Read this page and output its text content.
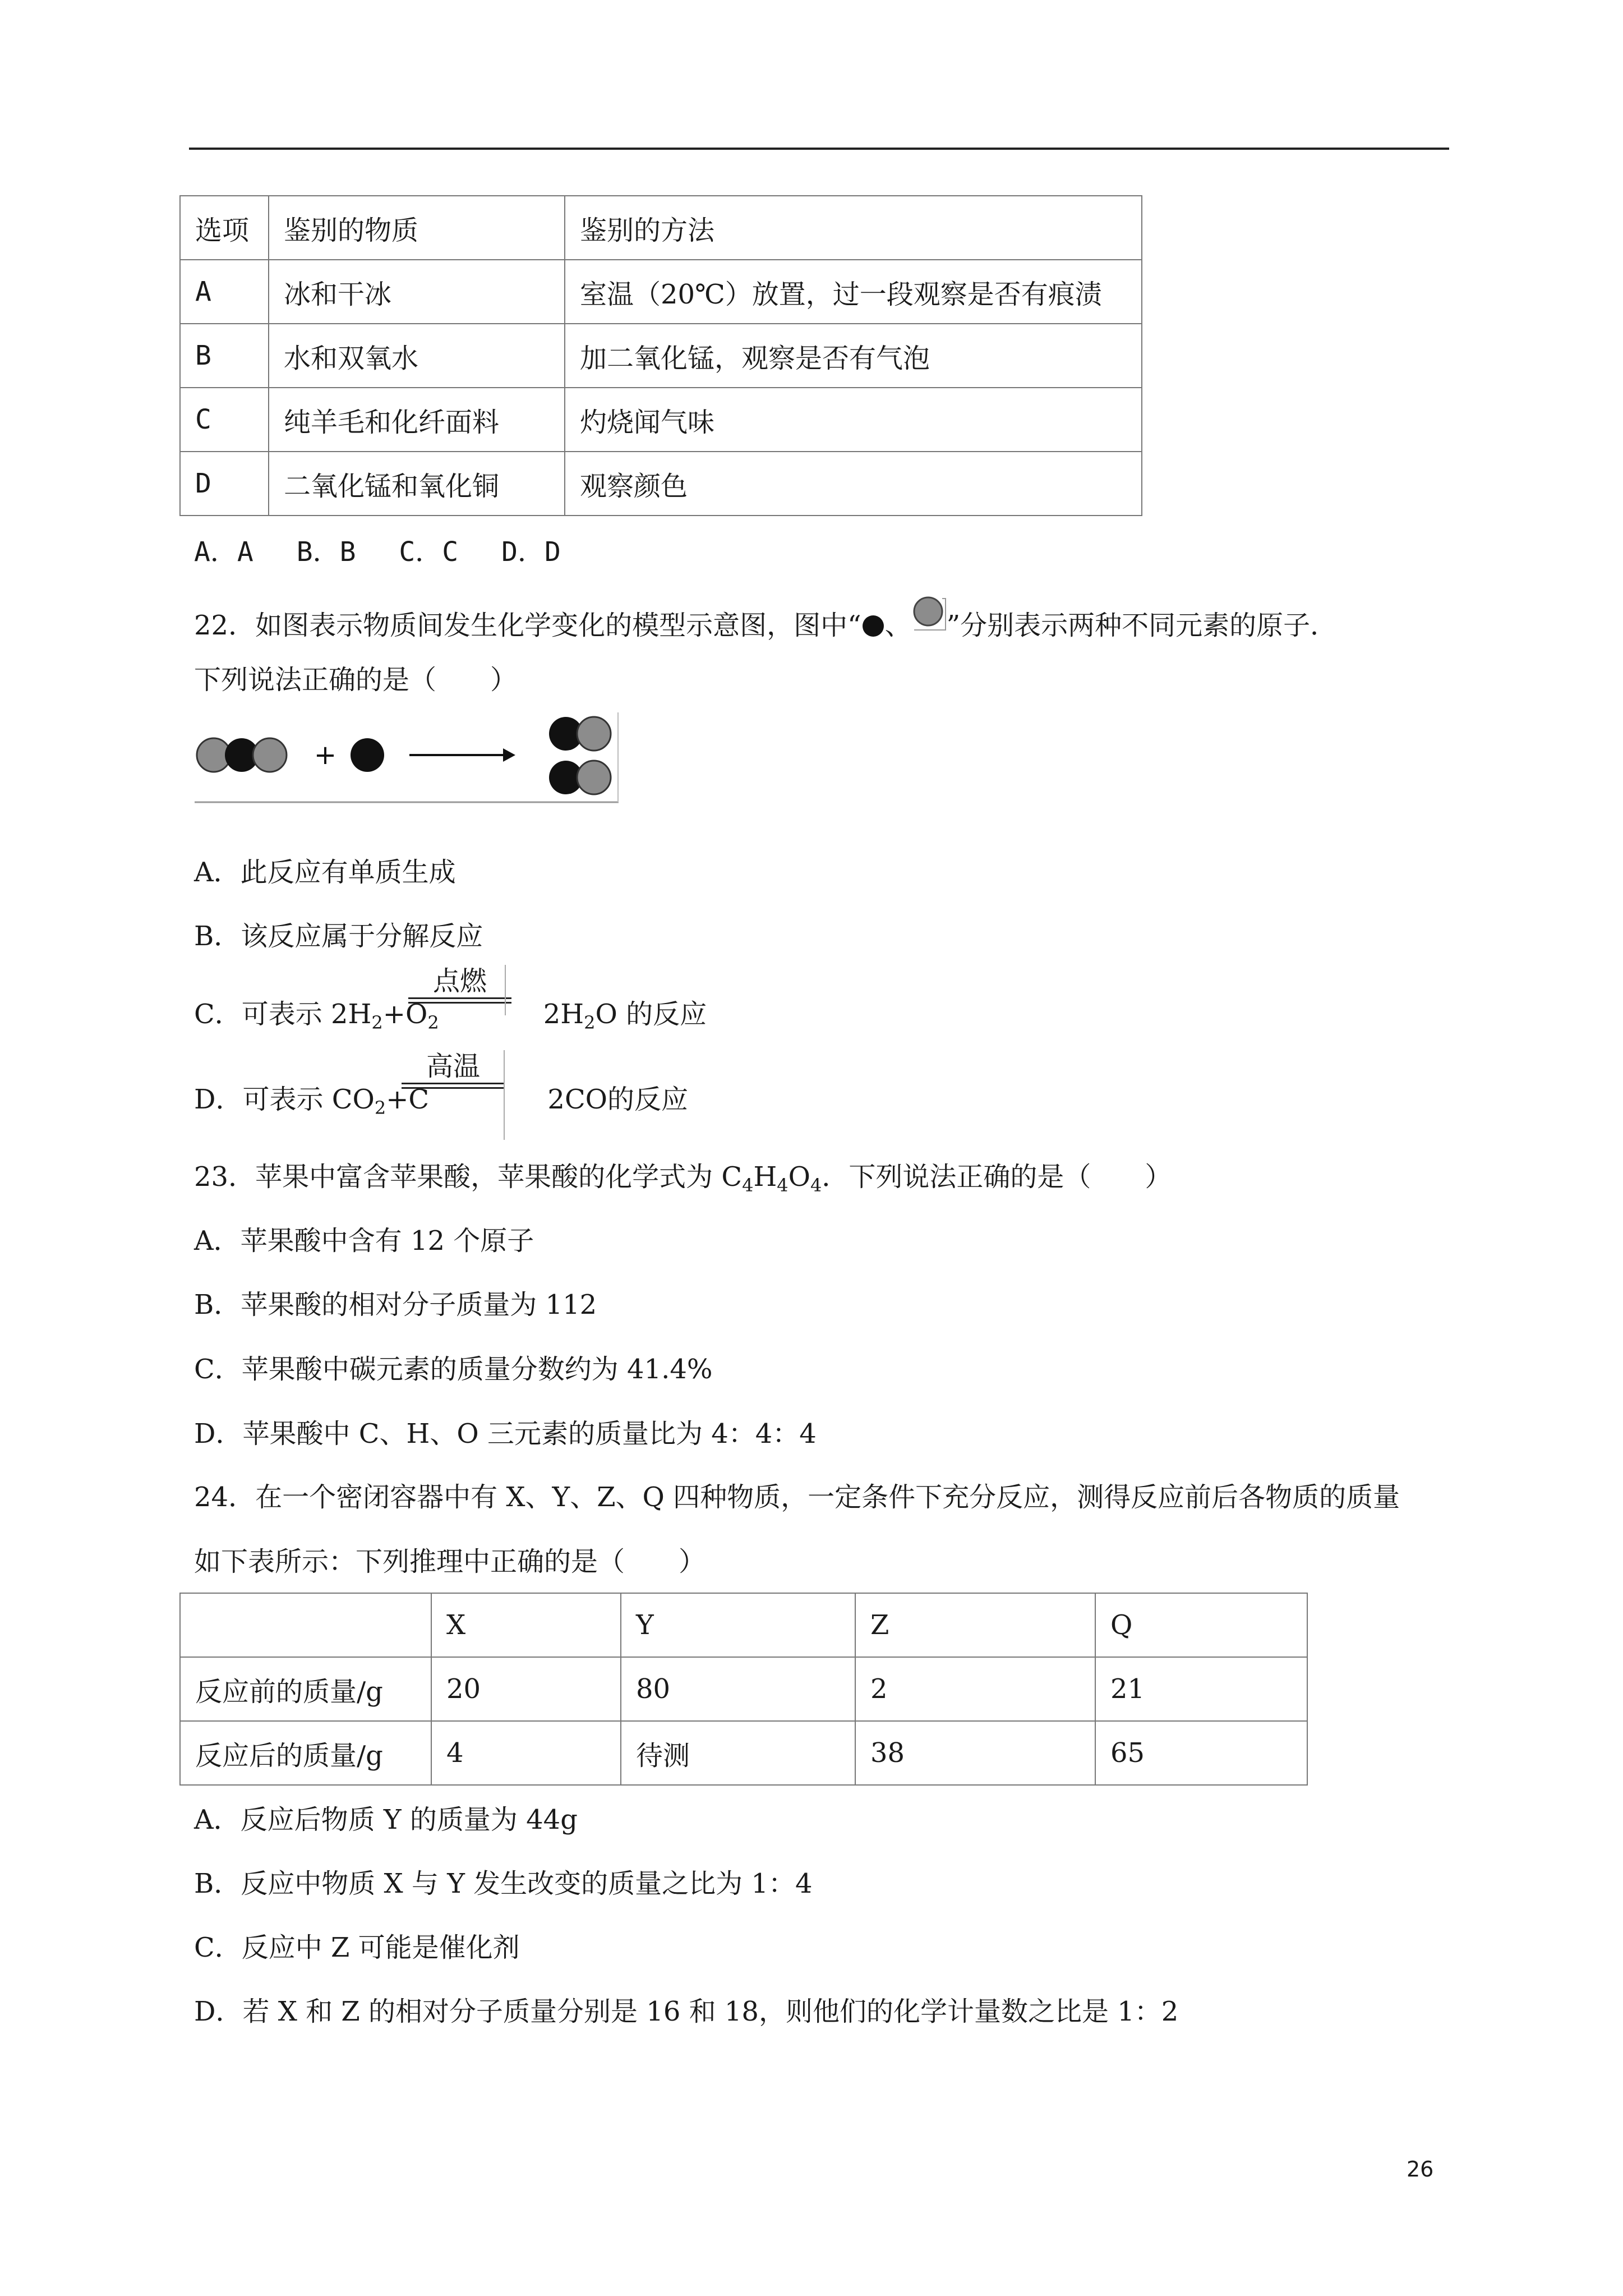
选项	鉴别的物质	鉴别的方法
A	冰和干冰	室温（20℃）放置，过一段观察是否有痕渍
B	水和双氧水	加二氧化锰，观察是否有气泡
C	纯羊毛和化纤面料	灼烧闻气味
D	二氧化锰和氧化铜	观察颜色
A．A　 B．B　 C．C　 D．D
22．如图表示物质间发生化学变化的模型示意图，图中“ 、 ”分别表示两种不同元素的原子．
下列说法正确的是（　　）
+
A．此反应有单质生成
B．该反应属于分解反应
C．可表示 $2H_2+O_2$	$2H_2O$ 的反应
点燃
D．可表示 $CO_2+C$	2CO的反应
高温
23．苹果中富含苹果酸，苹果酸的化学式为 $C_4H_4O_4$．下列说法正确的是（　　）
A．苹果酸中含有 12 个原子
B．苹果酸的相对分子质量为 112
C．苹果酸中碳元素的质量分数约为 41.4%
D．苹果酸中 C、H、O 三元素的质量比为 4：4：4
24．在一个密闭容器中有 X、Y、Z、Q 四种物质，一定条件下充分反应，测得反应前后各物质的质量
如下表所示：下列推理中正确的是（　　）
	X	Y	Z	Q
反应前的质量/g	20	80	2	21
反应后的质量/g	4	待测	38	65
A．反应后物质 Y 的质量为 44g
B．反应中物质 X 与 Y 发生改变的质量之比为 1：4
C．反应中 Z 可能是催化剂
D．若 X 和 Z 的相对分子质量分别是 16 和 18，则他们的化学计量数之比是 1：2
26
